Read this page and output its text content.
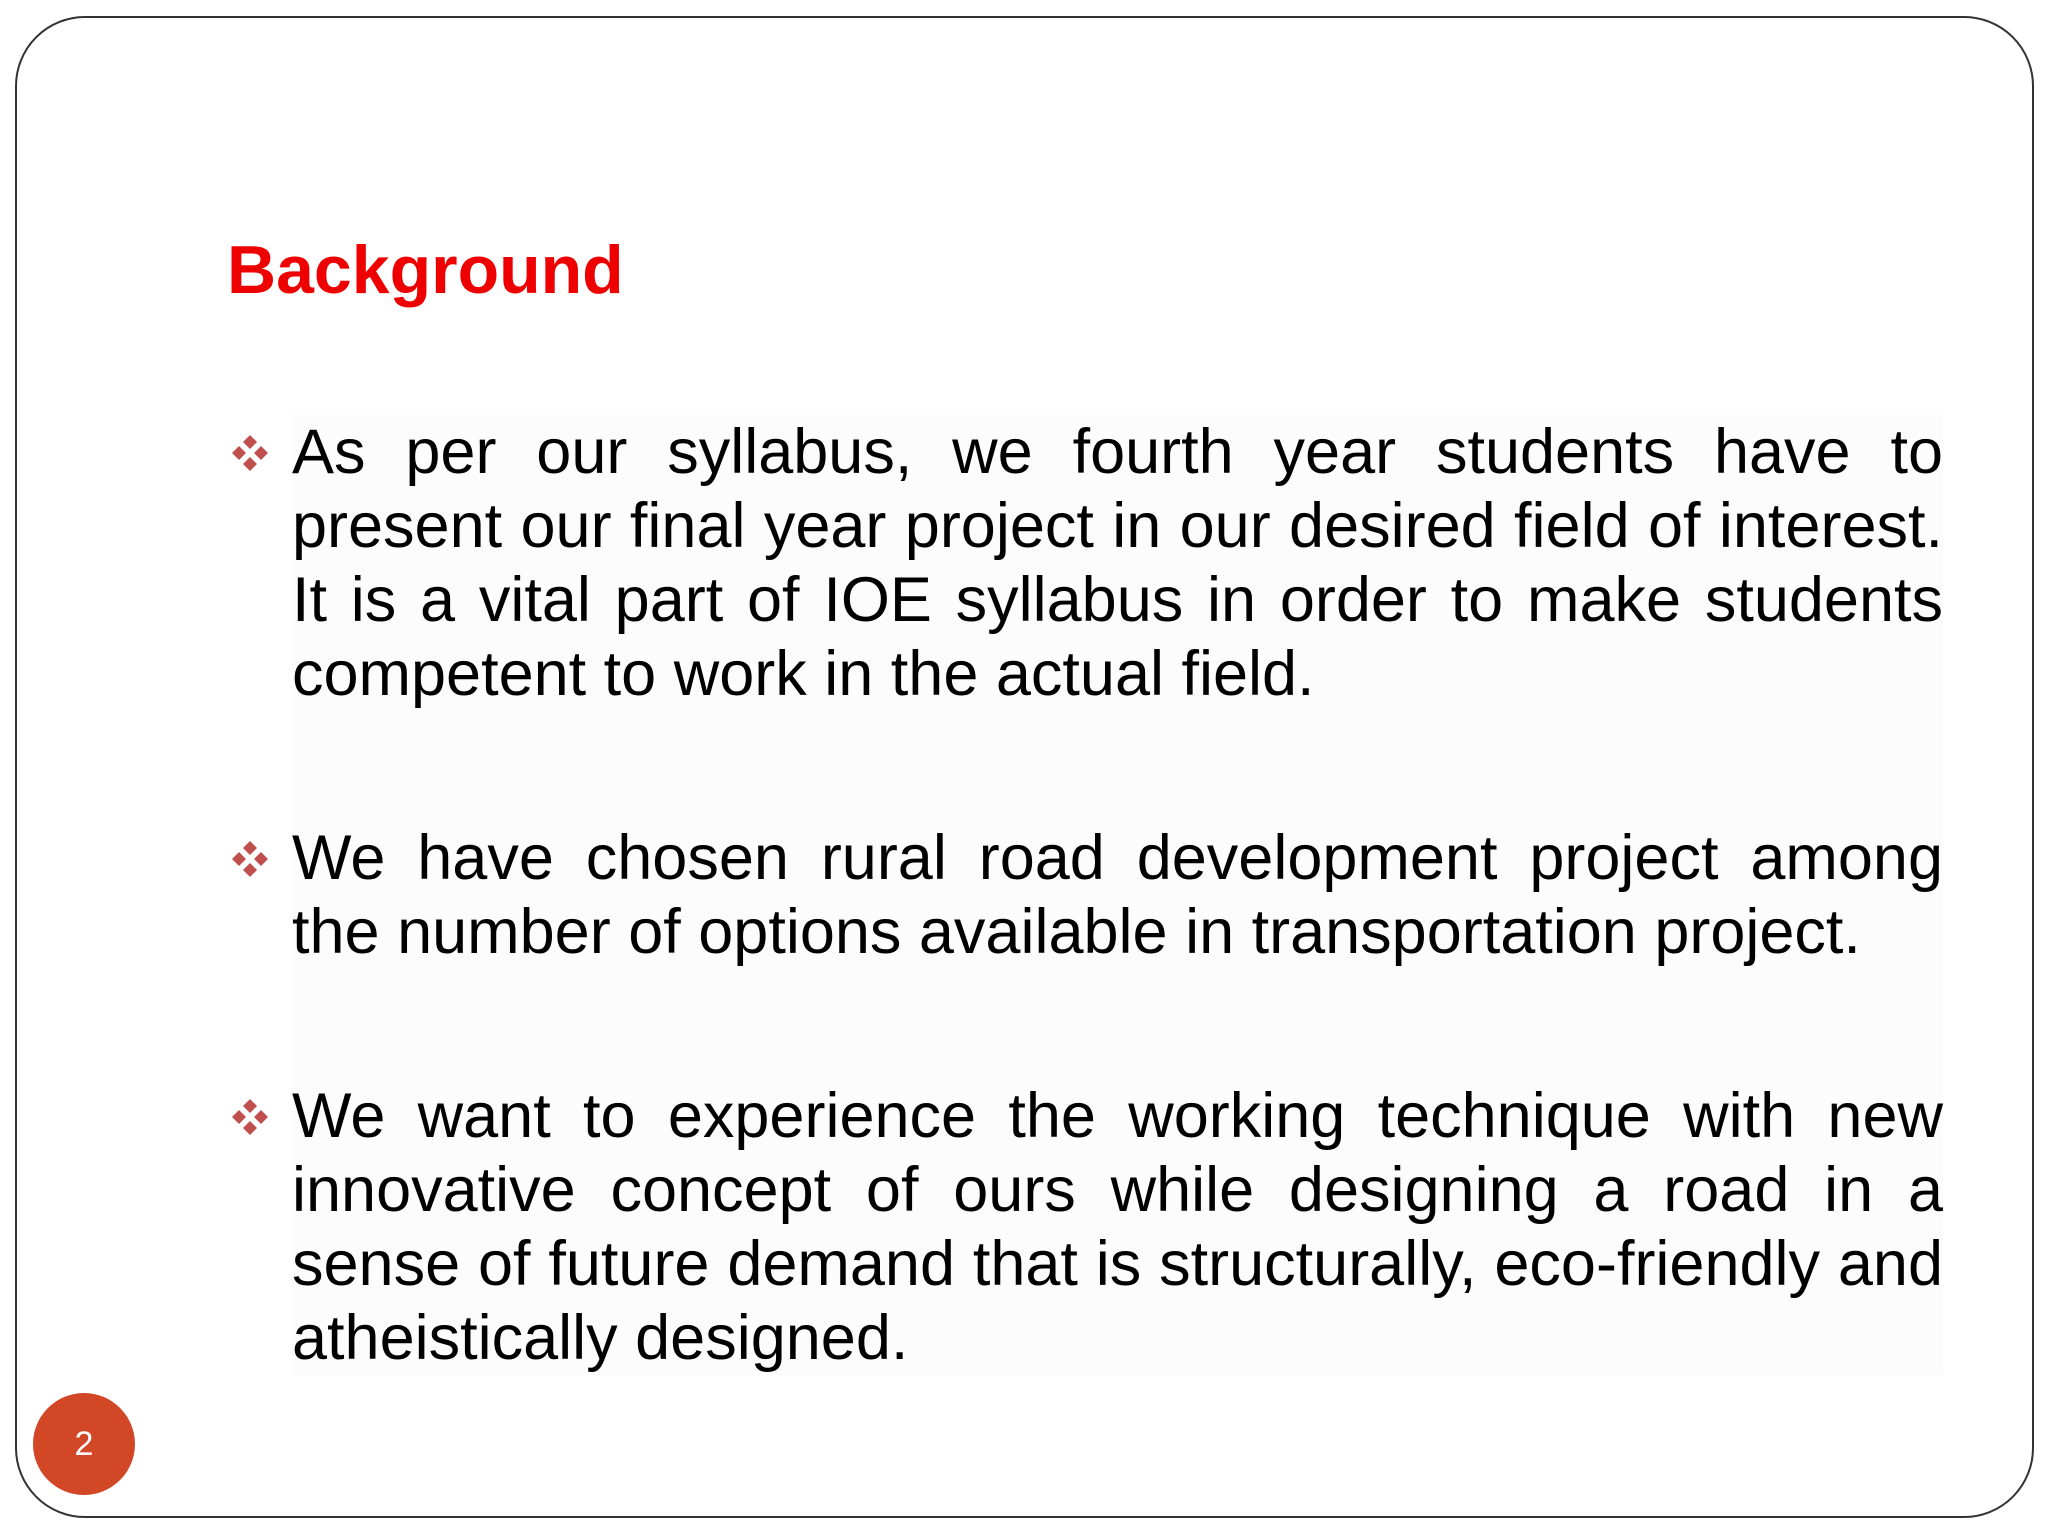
Background

As per our syllabus, we fourth year students have to present our final year project in our desired field of interest. It is a vital part of IOE syllabus in order to make students competent to work in the actual field.

We have chosen rural road development project among the number of options available in transportation project.

We want to experience the working technique with new innovative concept of ours while designing a road in a sense of future demand that is structurally, eco-friendly and atheistically designed.

2
